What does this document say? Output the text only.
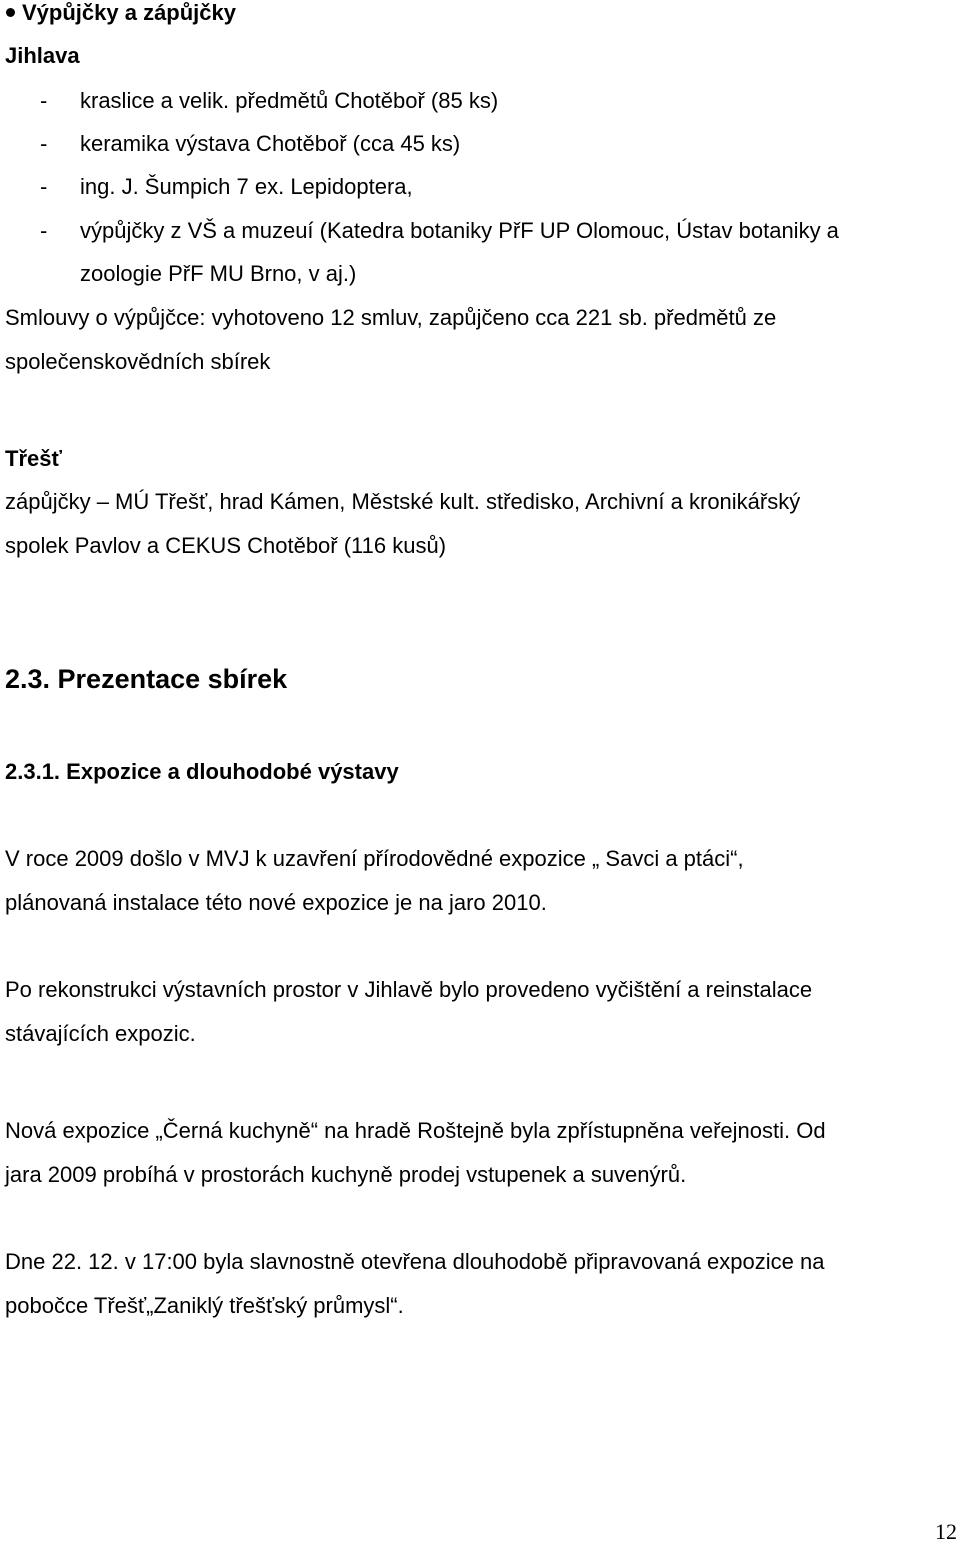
Výpůjčky a zápůjčky
Jihlava
- kraslice a velik. předmětů Chotěboř (85 ks)
- keramika výstava Chotěboř (cca 45 ks)
- ing. J. Šumpich 7 ex. Lepidoptera,
- výpůjčky z VŠ a muzeuí (Katedra botaniky PřF UP Olomouc, Ústav botaniky a
zoologie PřF MU Brno, v aj.)
Smlouvy o výpůjčce: vyhotoveno 12 smluv, zapůjčeno cca 221 sb. předmětů ze
společenskovědních sbírek
Třešť
zápůjčky – MÚ Třešť, hrad Kámen, Městské kult. středisko, Archivní a kronikářský
spolek Pavlov a CEKUS Chotěboř (116 kusů)
2.3. Prezentace sbírek
2.3.1. Expozice a dlouhodobé výstavy
V roce 2009 došlo v MVJ k uzavření přírodovědné expozice „ Savci a ptáci“,
plánovaná instalace této nové expozice je na jaro 2010.
Po rekonstrukci výstavních prostor v Jihlavě bylo provedeno vyčištění a reinstalace
stávajících expozic.
Nová expozice „Černá kuchyně“ na hradě Roštejně byla zpřístupněna veřejnosti. Od
jara 2009 probíhá v prostorách kuchyně prodej vstupenek a suvenýrů.
Dne 22. 12. v 17:00 byla slavnostně otevřena dlouhodobě připravovaná expozice na
pobočce Třešť„Zaniklý třešťský průmysl“.
12
